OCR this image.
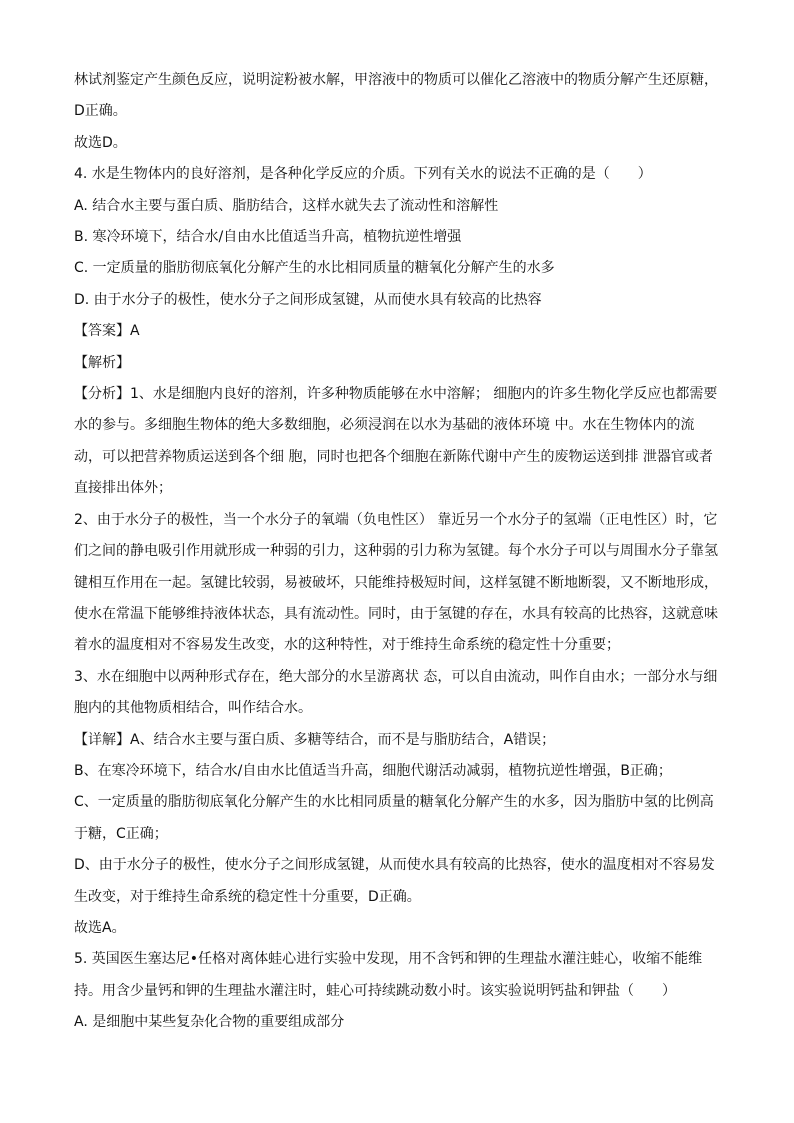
林试剂鉴定产生颜色反应，说明淀粉被水解，甲溶液中的物质可以催化乙溶液中的物质分解产生还原糖，

D正确。

故选D。

4. 水是生物体内的良好溶剂，是各种化学反应的介质。下列有关水的说法不正确的是（　　）

A. 结合水主要与蛋白质、脂肪结合，这样水就失去了流动性和溶解性

B. 寒冷环境下，结合水/自由水比值适当升高，植物抗逆性增强

C. 一定质量的脂肪彻底氧化分解产生的水比相同质量的糖氧化分解产生的水多

D. 由于水分子的极性，使水分子之间形成氢键，从而使水具有较高的比热容

【答案】A

【解析】

【分析】1、水是细胞内良好的溶剂，许多种物质能够在水中溶解； 细胞内的许多生物化学反应也都需要

水的参与。多细胞生物体的绝大多数细胞，必须浸润在以水为基础的液体环境 中。水在生物体内的流

动，可以把营养物质运送到各个细 胞，同时也把各个细胞在新陈代谢中产生的废物运送到排 泄器官或者

直接排出体外；

2、由于水分子的极性，当一个水分子的氧端（负电性区） 靠近另一个水分子的氢端（正电性区）时，它

们之间的静电吸引作用就形成一种弱的引力，这种弱的引力称为氢键。每个水分子可以与周围水分子靠氢

键相互作用在一起。氢键比较弱，易被破坏，只能维持极短时间，这样氢键不断地断裂，又不断地形成，

使水在常温下能够维持液体状态，具有流动性。同时，由于氢键的存在，水具有较高的比热容，这就意味

着水的温度相对不容易发生改变，水的这种特性，对于维持生命系统的稳定性十分重要；

3、水在细胞中以两种形式存在，绝大部分的水呈游离状 态，可以自由流动，叫作自由水；一部分水与细

胞内的其他物质相结合，叫作结合水。

【详解】A、结合水主要与蛋白质、多糖等结合，而不是与脂肪结合，A错误；

B、在寒冷环境下，结合水/自由水比值适当升高，细胞代谢活动减弱，植物抗逆性增强，B正确；

C、一定质量的脂肪彻底氧化分解产生的水比相同质量的糖氧化分解产生的水多，因为脂肪中氢的比例高

于糖，C正确；

D、由于水分子的极性，使水分子之间形成氢键，从而使水具有较高的比热容，使水的温度相对不容易发

生改变，对于维持生命系统的稳定性十分重要，D正确。

故选A。

5. 英国医生塞达尼•任格对离体蛙心进行实验中发现，用不含钙和钾的生理盐水灌注蛙心，收缩不能维

持。用含少量钙和钾的生理盐水灌注时，蛙心可持续跳动数小时。该实验说明钙盐和钾盐（　　）

A. 是细胞中某些复杂化合物的重要组成部分
